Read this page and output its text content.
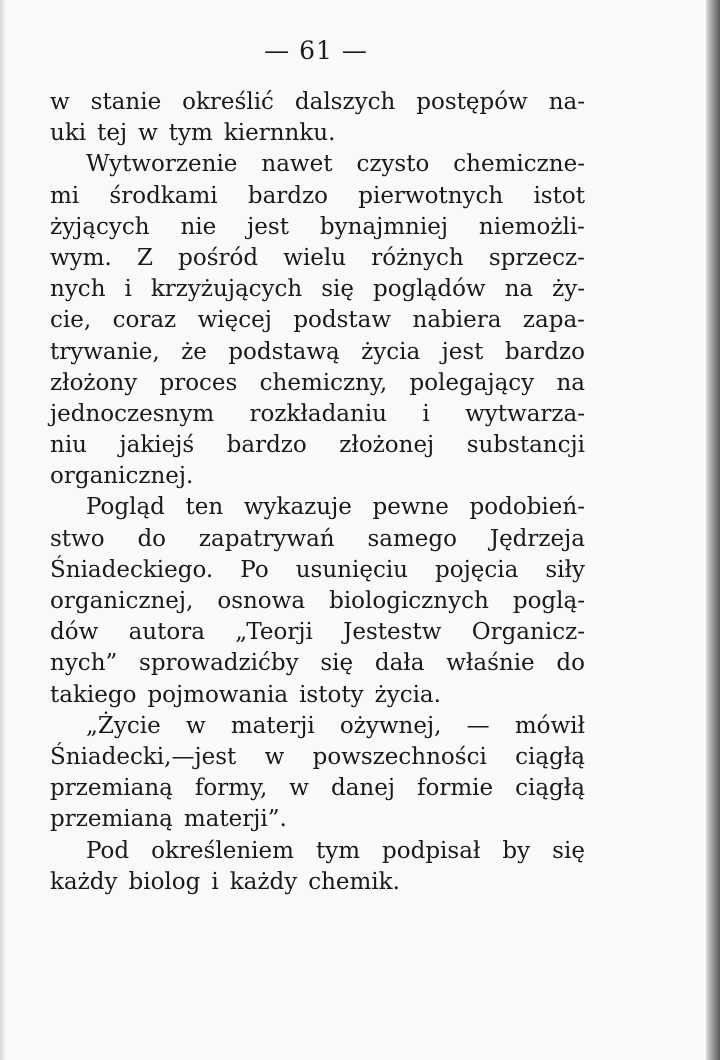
— 61 —
w stanie określić dalszych postępów na-
uki tej w tym kiernnku.
Wytworzenie nawet czysto chemiczne-
mi środkami bardzo pierwotnych istot
żyjących nie jest bynajmniej niemożli-
wym. Z pośród wielu różnych sprzecz-
nych i krzyżujących się poglądów na ży-
cie, coraz więcej podstaw nabiera zapa-
trywanie, że podstawą życia jest bardzo
złożony proces chemiczny, polegający na
jednoczesnym rozkładaniu i wytwarza-
niu jakiejś bardzo złożonej substancji
organicznej.
Pogląd ten wykazuje pewne podobień-
stwo do zapatrywań samego Jędrzeja
Śniadeckiego. Po usunięciu pojęcia siły
organicznej, osnowa biologicznych poglą-
dów autora „Teorji Jestestw Organicz-
nych” sprowadzićby się dała właśnie do
takiego pojmowania istoty życia.
„Życie w materji ożywnej, — mówił
Śniadecki,—jest w powszechności ciągłą
przemianą formy, w danej formie ciągłą
przemianą materji”.
Pod określeniem tym podpisał by się
każdy biolog i każdy chemik.
